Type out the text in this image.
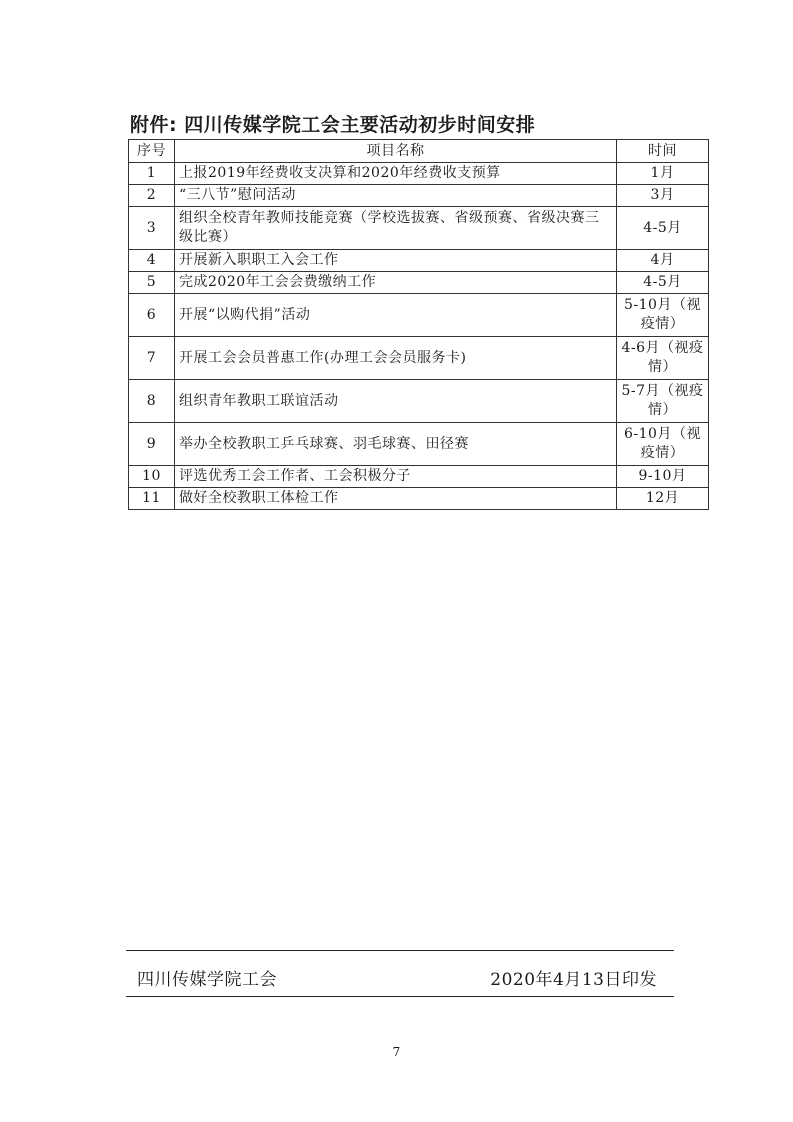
附件: 四川传媒学院工会主要活动初步时间安排
序号	项目名称	时间
1	上报2019年经费收支决算和2020年经费收支预算	1月
2	“三八节”慰问活动	3月
3	组织全校青年教师技能竞赛（学校选拔赛、省级预赛、省级决赛三级比赛）	4-5月
4	开展新入职职工入会工作	4月
5	完成2020年工会会费缴纳工作	4-5月
6	开展“以购代捐”活动	5-10月（视疫情）
7	开展工会会员普惠工作(办理工会会员服务卡)	4-6月（视疫情）
8	组织青年教职工联谊活动	5-7月（视疫情）
9	举办全校教职工乒乓球赛、羽毛球赛、田径赛	6-10月（视疫情）
10	评选优秀工会工作者、工会积极分子	9-10月
11	做好全校教职工体检工作	12月
四川传媒学院工会	2020年4月13日印发
7
